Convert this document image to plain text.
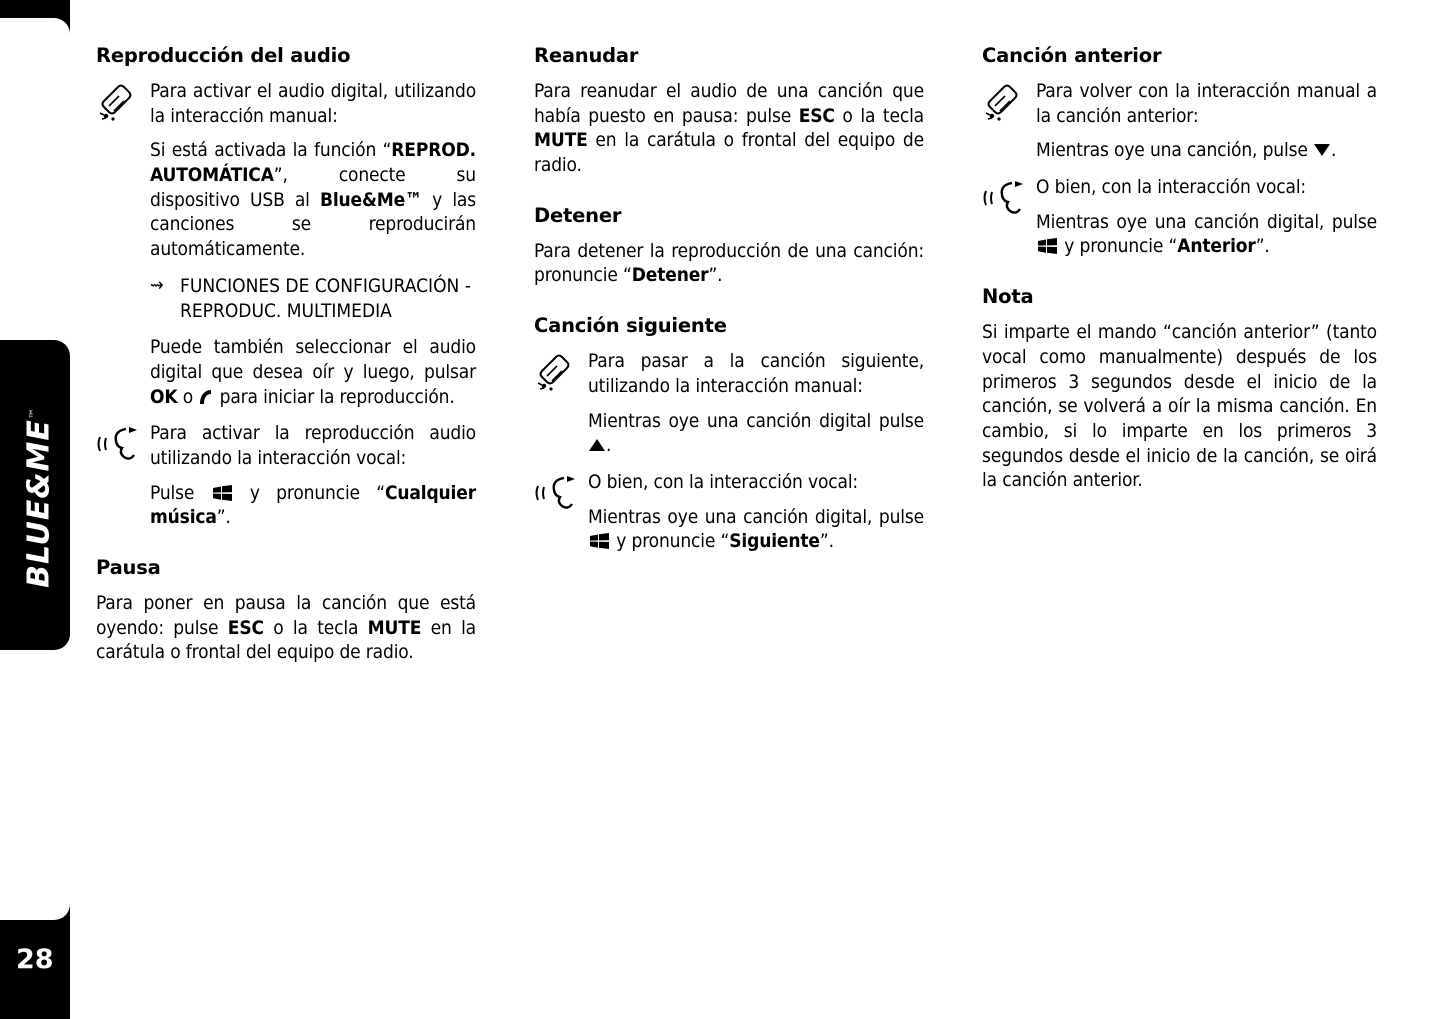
BLUE&ME™
28
Reproducción del audio

Para activar el audio digital, utilizando la interacción manual:

Si está activada la función “REPROD. AUTOMÁTICA”, conecte su dispositivo USB al Blue&Me™ y las canciones se reproducirán automáticamente.

⇝ FUNCIONES DE CONFIGURACIÓN - REPRODUC. MULTIMEDIA

Puede también seleccionar el audio digital que desea oír y luego, pulsar OK o  para iniciar la reproducción.

Para activar la reproducción audio utilizando la interacción vocal:

Pulse  y pronuncie “Cualquier música”.

Pausa

Para poner en pausa la canción que está oyendo: pulse ESC o la tecla MUTE en la carátula o frontal del equipo de radio.

Reanudar

Para reanudar el audio de una canción que había puesto en pausa: pulse ESC o la tecla MUTE en la carátula o frontal del equipo de radio.

Detener

Para detener la reproducción de una canción: pronuncie “Detener”.

Canción siguiente

Para pasar a la canción siguiente, utilizando la interacción manual:

Mientras oye una canción digital pulse .

O bien, con la interacción vocal:

Mientras oye una canción digital, pulse  y pronuncie “Siguiente”.

Canción anterior

Para volver con la interacción manual a la canción anterior:

Mientras oye una canción, pulse .

O bien, con la interacción vocal:

Mientras oye una canción digital, pulse  y pronuncie “Anterior”.

Nota

Si imparte el mando “canción anterior” (tanto vocal como manualmente) después de los primeros 3 segundos desde el inicio de la canción, se volverá a oír la misma canción. En cambio, si lo imparte en los primeros 3 segundos desde el inicio de la canción, se oirá la canción anterior.
